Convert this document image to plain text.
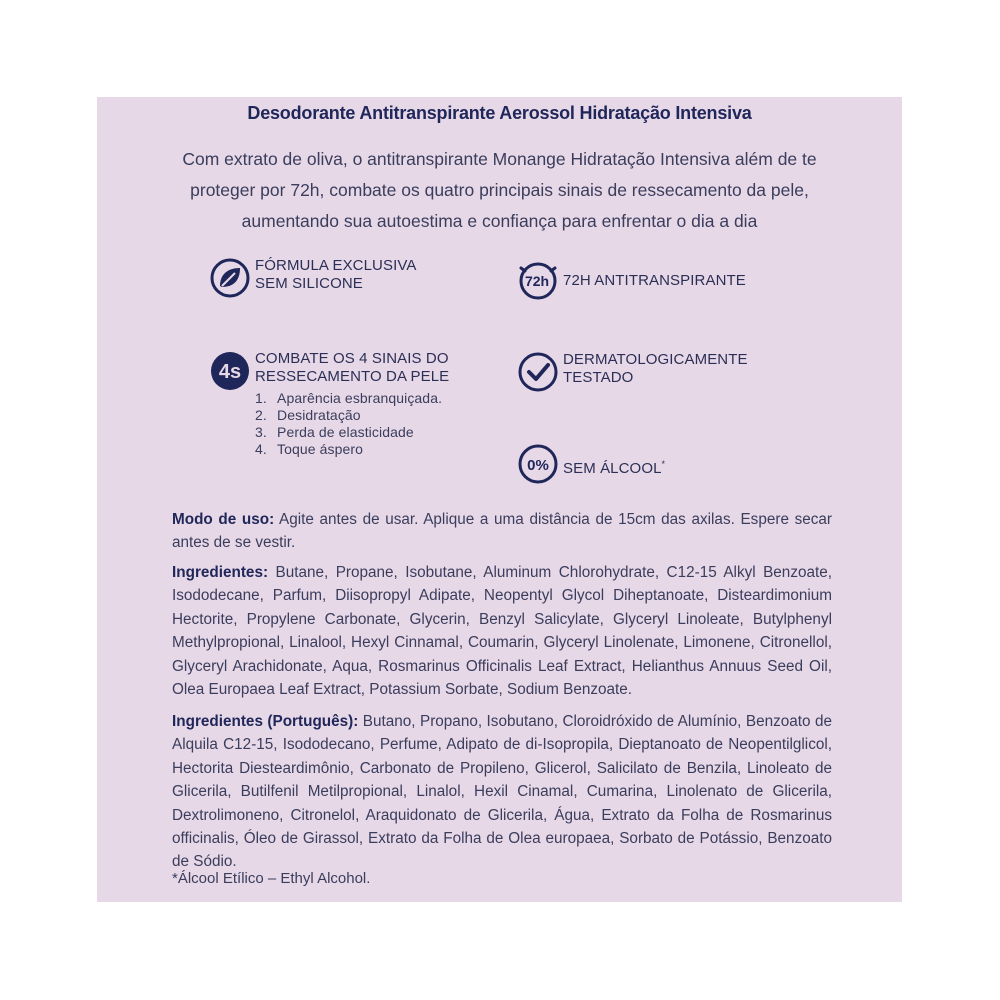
Desodorante Antitranspirante Aerossol Hidratação Intensiva
Com extrato de oliva, o antitranspirante Monange Hidratação Intensiva além de te proteger por 72h, combate os quatro principais sinais de ressecamento da pele, aumentando sua autoestima e confiança para enfrentar o dia a dia
FÓRMULA EXCLUSIVA
SEM SILICONE	72h 72H ANTITRANSPIRANTE
4s
COMBATE OS 4 SINAIS DO
RESSECAMENTO DA PELE
1. Aparência esbranquiçada.
2. Desidratação
3. Perda de elasticidade
4. Toque áspero
DERMATOLOGICAMENTE
TESTADO
0% SEM ÁLCOOL*
Modo de uso: Agite antes de usar. Aplique a uma distância de 15cm das axilas. Espere secar antes de se vestir.
Ingredientes: Butane, Propane, Isobutane, Aluminum Chlorohydrate, C12-15 Alkyl Benzoate, Isododecane, Parfum, Diisopropyl Adipate, Neopentyl Glycol Diheptanoate, Disteardimonium Hectorite, Propylene Carbonate, Glycerin, Benzyl Salicylate, Glyceryl Linoleate, Butylphenyl Methylpropional, Linalool, Hexyl Cinnamal, Coumarin, Glyceryl Linolenate, Limonene, Citronellol, Glyceryl Arachidonate, Aqua, Rosmarinus Officinalis Leaf Extract, Helianthus Annuus Seed Oil, Olea Europaea Leaf Extract, Potassium Sorbate, Sodium Benzoate.
Ingredientes (Português): Butano, Propano, Isobutano, Cloroidróxido de Alumínio, Benzoato de Alquila C12-15, Isododecano, Perfume, Adipato de di-Isopropila, Dieptanoato de Neopentilglicol, Hectorita Diesteardimônio, Carbonato de Propileno, Glicerol, Salicilato de Benzila, Linoleato de Glicerila, Butilfenil Metilpropional, Linalol, Hexil Cinamal, Cumarina, Linolenato de Glicerila, Dextrolimoneno, Citronelol, Araquidonato de Glicerila, Água, Extrato da Folha de Rosmarinus officinalis, Óleo de Girassol, Extrato da Folha de Olea europaea, Sorbato de Potássio, Benzoato de Sódio.
*Álcool Etílico – Ethyl Alcohol.
